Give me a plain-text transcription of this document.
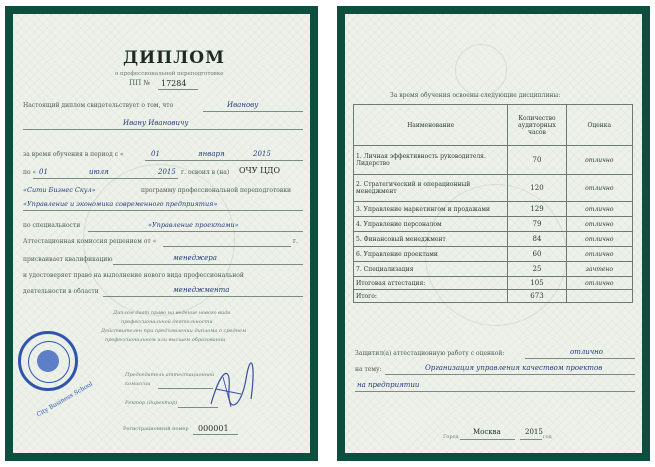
ДИПЛОМ
о профессиональной переподготовке
ПП № 17284
Настоящий диплом свидетельствует о том, что	Иванову
Ивану Ивановичу
за время обучения в период с «	01	января	2015
по « 01	июля	2015 г. освоил в (на) ОЧУ ЦДО
«Сити Бизнес Скул»	программу профессиональной переподготовки
«Управление и экономика современного предприятия»
по специальности	«Управление проектами»
Аттестационная комиссия решением от «	г.
присваивает квалификацию	менеджера
и удостоверяет право на выполнение нового вида профессиональной
деятельности в области	менеджмента
Диплом дает право на ведение нового вида
профессиональной деятельности
Действителен при предъявлении диплома о среднем
профессиональном или высшем образовании
City Business School
Председатель аттестационной
комиссии
Ректор (директор)
Регистрационный номер 000001
За время обучения освоены следующие дисциплины:
Наименование	Количество аудиторных часов	Оценка
1. Личная эффективность руководителя. Лидерство	70	отлично
2. Стратегический и операционный менеджмент	120	отлично
3. Управление маркетингом и продажами	129	отлично
4. Управление персоналом	79	отлично
5. Финансовый менеджмент	84	отлично
6. Управление проектами	60	отлично
7. Специализация	25	зачтено
Итоговая аттестация:	105	отлично
Итого:	673	
Защитил(а) аттестационную работу с оценкой:	отлично
на тему:	Организация управления качеством проектов
на предприятии
Город
Москва	2015
год
